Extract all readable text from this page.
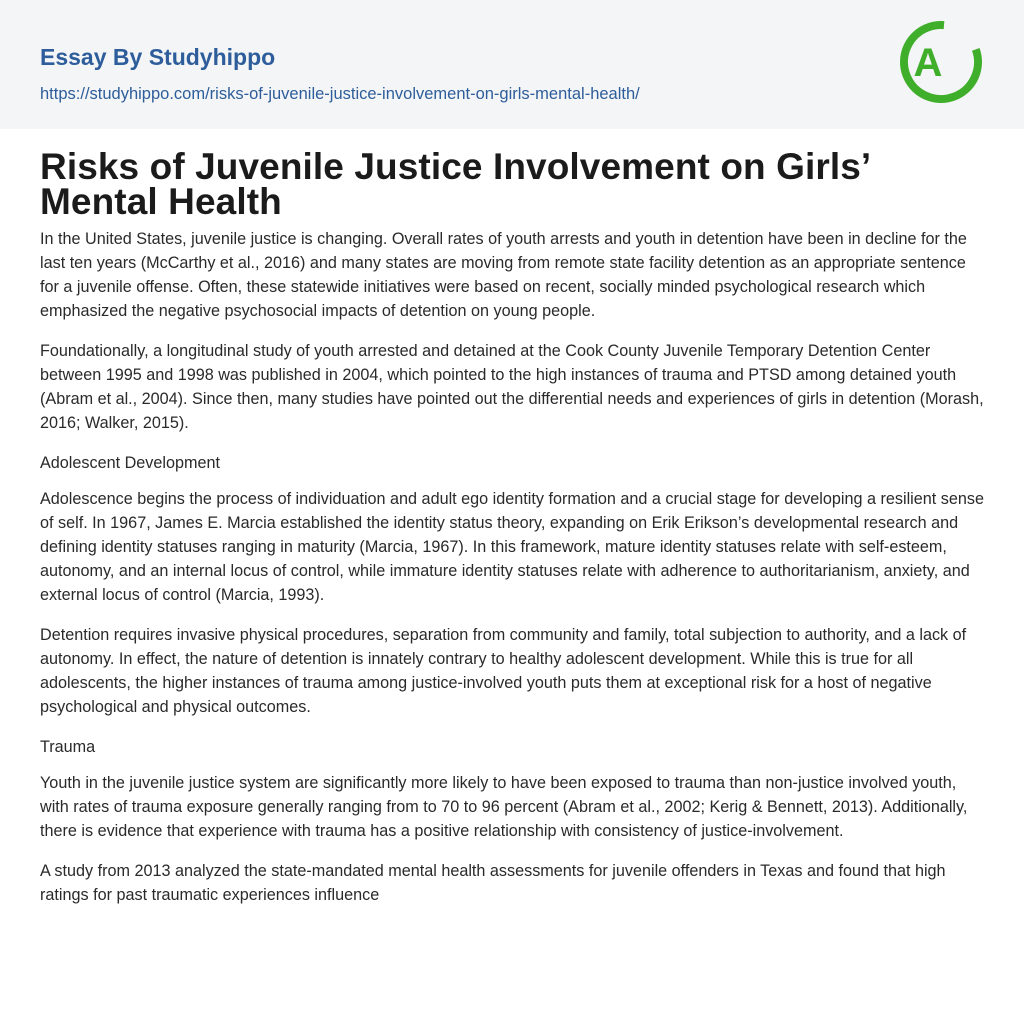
Essay By Studyhippo
https://studyhippo.com/risks-of-juvenile-justice-involvement-on-girls-mental-health/
A
Risks of Juvenile Justice Involvement on Girls’ Mental Health

In the United States, juvenile justice is changing. Overall rates of youth arrests and youth in detention have been in decline for the last ten years (McCarthy et al., 2016) and many states are moving from remote state facility detention as an appropriate sentence for a juvenile offense. Often, these statewide initiatives were based on recent, socially minded psychological research which emphasized the negative psychosocial impacts of detention on young people.

Foundationally, a longitudinal study of youth arrested and detained at the Cook County Juvenile Temporary Detention Center between 1995 and 1998 was published in 2004, which pointed to the high instances of trauma and PTSD among detained youth (Abram et al., 2004). Since then, many studies have pointed out the differential needs and experiences of girls in detention (Morash, 2016; Walker, 2015).

Adolescent Development

Adolescence begins the process of individuation and adult ego identity formation and a crucial stage for developing a resilient sense of self. In 1967, James E. Marcia established the identity status theory, expanding on Erik Erikson’s developmental research and defining identity statuses ranging in maturity (Marcia, 1967). In this framework, mature identity statuses relate with self-esteem, autonomy, and an internal locus of control, while immature identity statuses relate with adherence to authoritarianism, anxiety, and external locus of control (Marcia, 1993).

Detention requires invasive physical procedures, separation from community and family, total subjection to authority, and a lack of autonomy. In effect, the nature of detention is innately contrary to healthy adolescent development. While this is true for all adolescents, the higher instances of trauma among justice-involved youth puts them at exceptional risk for a host of negative psychological and physical outcomes.

Trauma

Youth in the juvenile justice system are significantly more likely to have been exposed to trauma than non-justice involved youth, with rates of trauma exposure generally ranging from to 70 to 96 percent (Abram et al., 2002; Kerig & Bennett, 2013). Additionally, there is evidence that experience with trauma has a positive relationship with consistency of justice-involvement.

A study from 2013 analyzed the state-mandated mental health assessments for juvenile offenders in Texas and found that high ratings for past traumatic experiences influence
